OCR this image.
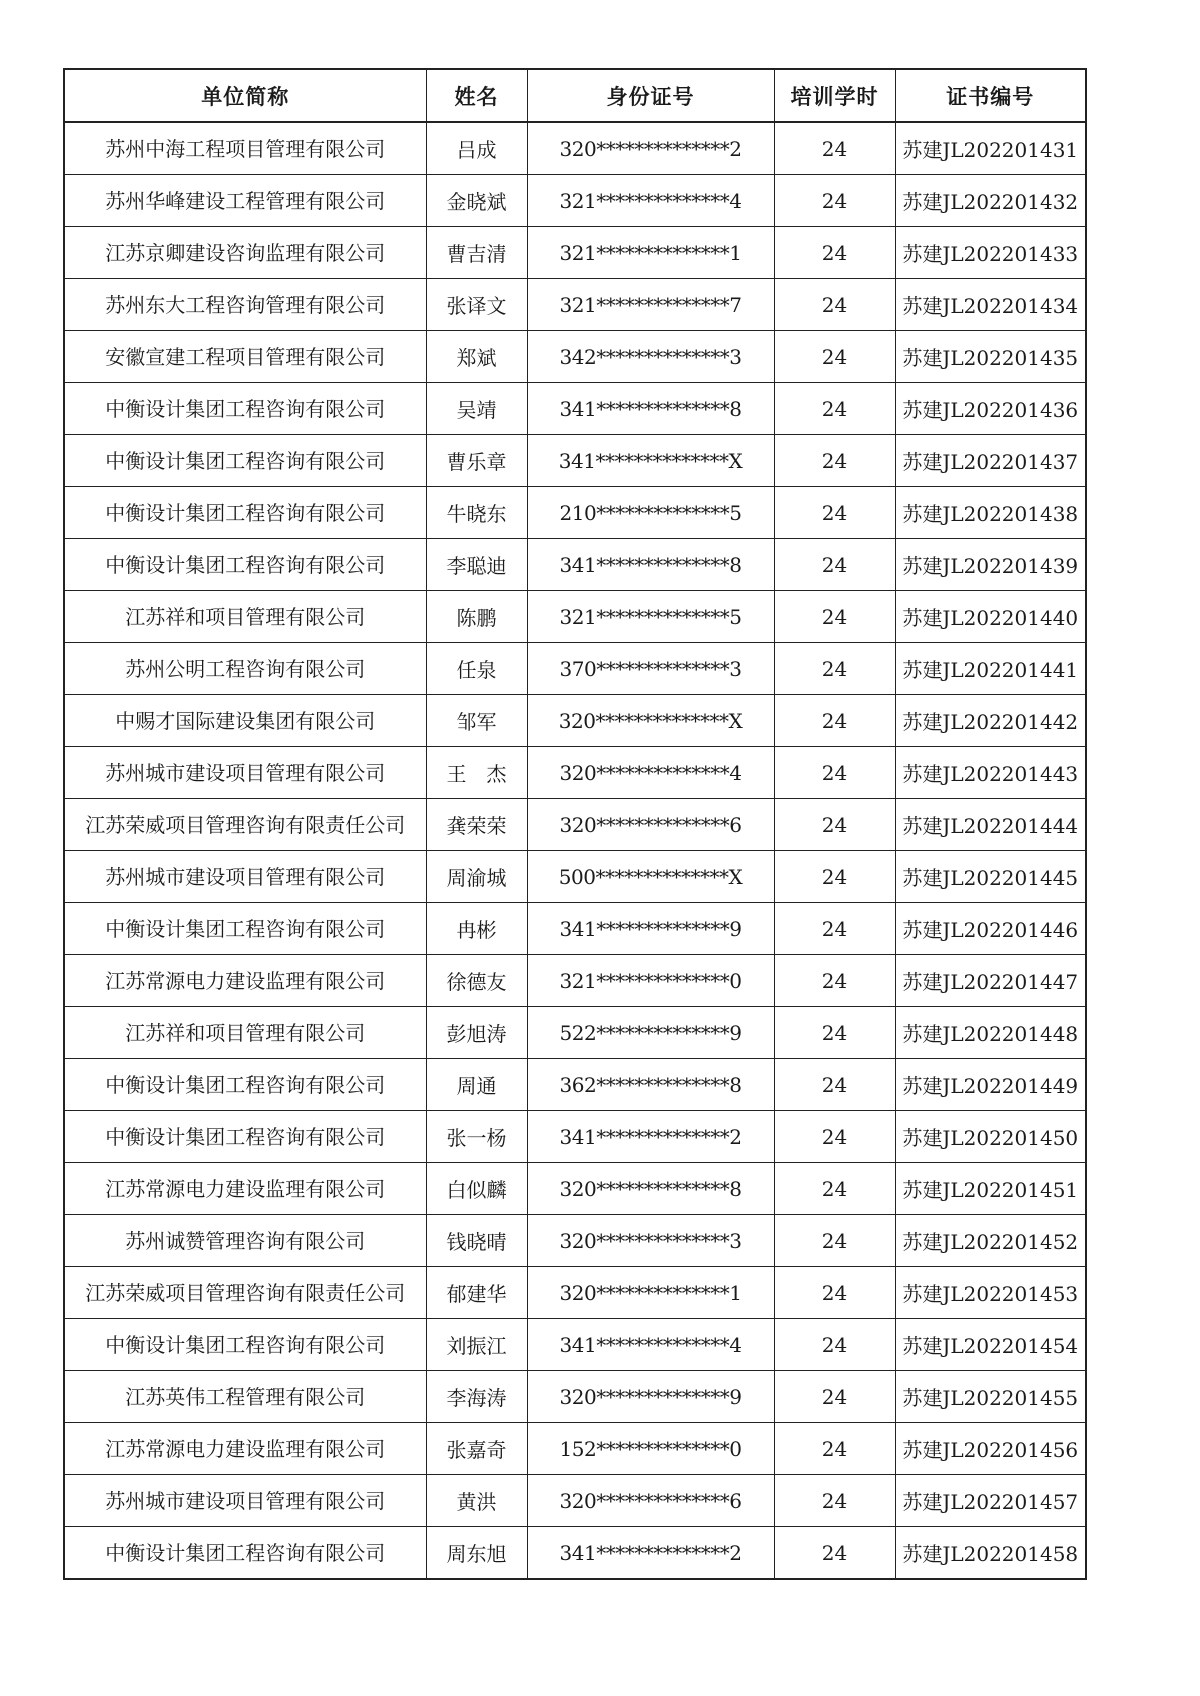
单位简称	姓名	身份证号	培训学时	证书编号
苏州中海工程项目管理有限公司	吕成	320**************2	24	苏建JL202201431
苏州华峰建设工程管理有限公司	金晓斌	321**************4	24	苏建JL202201432
江苏京卿建设咨询监理有限公司	曹吉清	321**************1	24	苏建JL202201433
苏州东大工程咨询管理有限公司	张译文	321**************7	24	苏建JL202201434
安徽宣建工程项目管理有限公司	郑斌	342**************3	24	苏建JL202201435
中衡设计集团工程咨询有限公司	吴靖	341**************8	24	苏建JL202201436
中衡设计集团工程咨询有限公司	曹乐章	341**************X	24	苏建JL202201437
中衡设计集团工程咨询有限公司	牛晓东	210**************5	24	苏建JL202201438
中衡设计集团工程咨询有限公司	李聪迪	341**************8	24	苏建JL202201439
江苏祥和项目管理有限公司	陈鹏	321**************5	24	苏建JL202201440
苏州公明工程咨询有限公司	任泉	370**************3	24	苏建JL202201441
中赐才国际建设集团有限公司	邹军	320**************X	24	苏建JL202201442
苏州城市建设项目管理有限公司	王　杰	320**************4	24	苏建JL202201443
江苏荣威项目管理咨询有限责任公司	龚荣荣	320**************6	24	苏建JL202201444
苏州城市建设项目管理有限公司	周渝城	500**************X	24	苏建JL202201445
中衡设计集团工程咨询有限公司	冉彬	341**************9	24	苏建JL202201446
江苏常源电力建设监理有限公司	徐德友	321**************0	24	苏建JL202201447
江苏祥和项目管理有限公司	彭旭涛	522**************9	24	苏建JL202201448
中衡设计集团工程咨询有限公司	周通	362**************8	24	苏建JL202201449
中衡设计集团工程咨询有限公司	张一杨	341**************2	24	苏建JL202201450
江苏常源电力建设监理有限公司	白似麟	320**************8	24	苏建JL202201451
苏州诚赞管理咨询有限公司	钱晓晴	320**************3	24	苏建JL202201452
江苏荣威项目管理咨询有限责任公司	郁建华	320**************1	24	苏建JL202201453
中衡设计集团工程咨询有限公司	刘振江	341**************4	24	苏建JL202201454
江苏英伟工程管理有限公司	李海涛	320**************9	24	苏建JL202201455
江苏常源电力建设监理有限公司	张嘉奇	152**************0	24	苏建JL202201456
苏州城市建设项目管理有限公司	黄洪	320**************6	24	苏建JL202201457
中衡设计集团工程咨询有限公司	周东旭	341**************2	24	苏建JL202201458
